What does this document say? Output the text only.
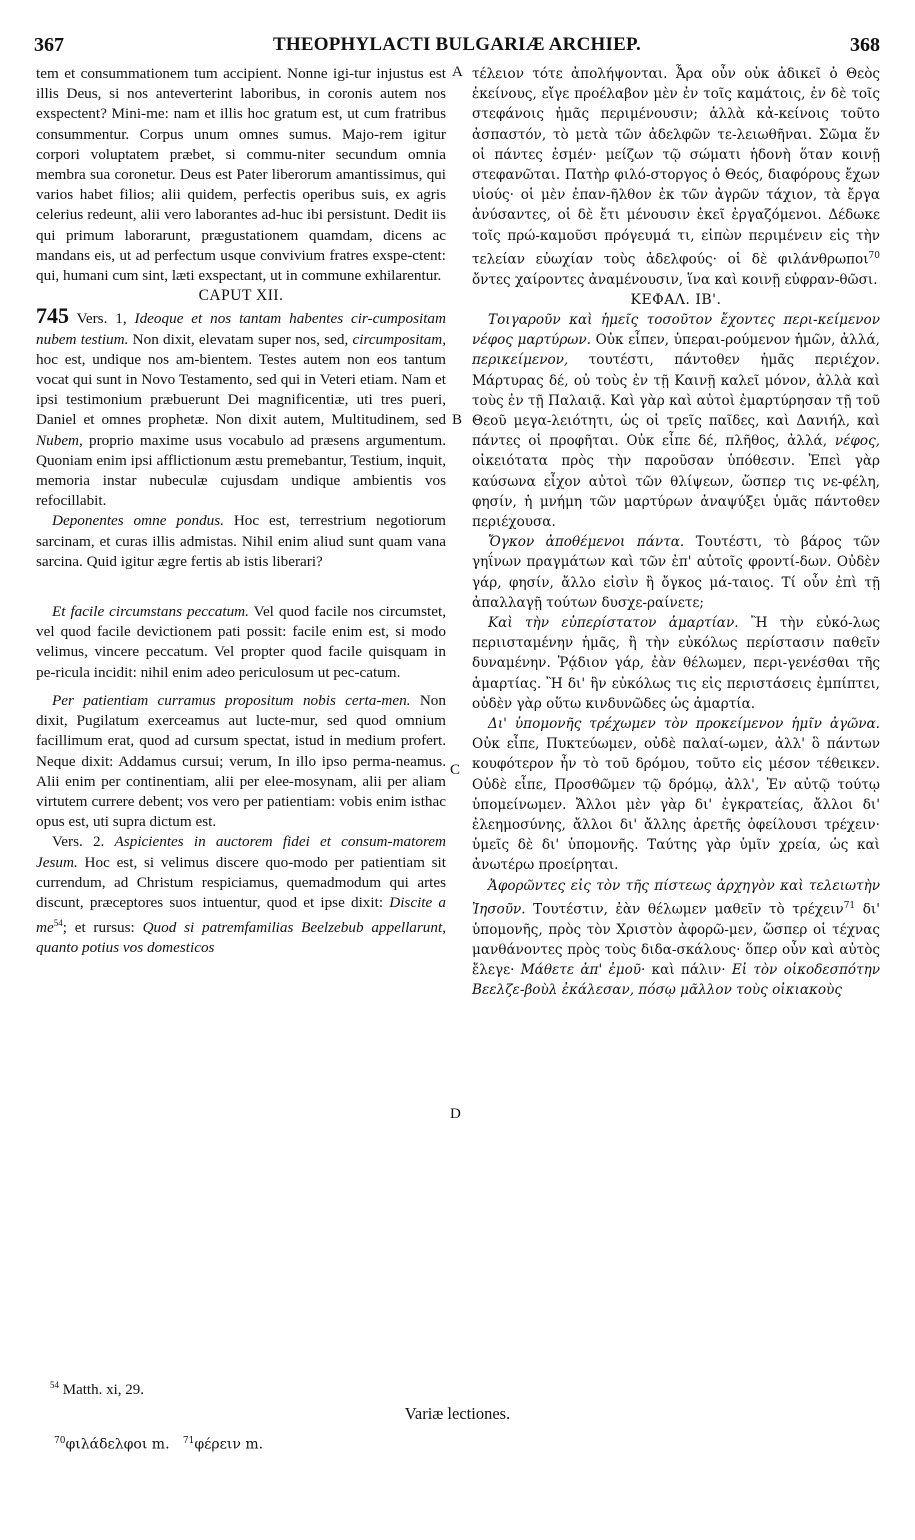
367	THEOPHYLACTI BULGARIÆ ARCHIEP.	368
A
B
C
D

tem et consummationem tum accipient. Nonne igi-tur injustus est illis Deus, si nos anteverterint laboribus, in coronis autem nos exspectent? Mini-me: nam et illis hoc gratum est, ut cum fratribus consummentur. Corpus unum omnes sumus. Majo-rem igitur corpori voluptatem præbet, si commu-niter secundum omnia membra sua coronetur. Deus est Pater liberorum amantissimus, qui varios habet filios; alii quidem, perfectis operibus suis, ex agris celerius redeunt, alii vero laborantes ad-huc ibi persistunt. Dedit iis qui primum laborarunt, prægustationem quamdam, dicens ac mandans eis, ut ad perfectum usque convivium fratres exspe-ctent: qui, humani cum sint, læti exspectant, ut in commune exhilarentur.

CAPUT XII.

745 Vers. 1, Ideoque et nos tantam habentes cir-cumpositam nubem testium. Non dixit, elevatam super nos, sed, circumpositam, hoc est, undique nos am-bientem. Testes autem non eos tantum vocat qui sunt in Novo Testamento, sed qui in Veteri etiam. Nam et ipsi testimonium præbuerunt Dei magnificentiæ, uti tres pueri, Daniel et omnes prophetæ. Non dixit autem, Multitudinem, sed Nubem, proprio maxime usus vocabulo ad præsens argumentum. Quoniam enim ipsi afflictionum æstu premebantur, Testium, inquit, memoria instar nubeculæ cujusdam undique ambientis vos refocillabit.

Deponentes omne pondus. Hoc est, terrestrium negotiorum sarcinam, et curas illis admistas. Nihil enim aliud sunt quam vana sarcina. Quid igitur ægre fertis ab istis liberari?

Et facile circumstans peccatum. Vel quod facile nos circumstet, vel quod facile devictionem pati possit: facile enim est, si modo velimus, vincere peccatum. Vel propter quod facile quisquam in pe-ricula incidit: nihil enim adeo periculosum ut pec-catum.

Per patientiam curramus propositum nobis certa-men. Non dixit, Pugilatum exerceamus aut lucte-mur, sed quod omnium facillimum erat, quod ad cursum spectat, istud in medium profert. Neque dixit: Addamus cursui; verum, In illo ipso perma-neamus. Alii enim per continentiam, alii per elee-mosynam, alii per aliam virtutem currere debent; vos vero per patientiam: vobis enim isthac opus est, uti supra dictum est.

Vers. 2. Aspicientes in auctorem fidei et consum-matorem Jesum. Hoc est, si velimus discere quo-modo per patientiam sit currendum, ad Christum respiciamus, quemadmodum qui artes discunt, præceptores suos intuentur, quod et ipse dixit: Discite a $me^{54}$; et rursus: Quod si patremfamilias Beelzebub appellarunt, quanto potius vos domesticos

τέλειον τότε ἀπολήψονται. Ἆρα οὖν οὐκ ἀδικεῖ ὁ Θεὸς ἐκείνους, εἴγε προέλαβον μὲν ἐν τοῖς καμάτοις, ἐν δὲ τοῖς στεφάνοις ἡμᾶς περιμένουσιν; ἀλλὰ κἀ-κείνοις τοῦτο ἀσπαστόν, τὸ μετὰ τῶν ἀδελφῶν τε-λειωθῆναι. Σῶμα ἕν οἱ πάντες ἐσμέν· μείζων τῷ σώματι ἡδονὴ ὅταν κοινῇ στεφανῶται. Πατὴρ φιλό-στοργος ὁ Θεός, διαφόρους ἔχων υἱούς· οἱ μὲν ἐπαν-ῆλθον ἐκ τῶν ἀγρῶν τάχιον, τὰ ἔργα ἀνύσαντες, οἱ δὲ ἔτι μένουσιν ἐκεῖ ἐργαζόμενοι. Δέδωκε τοῖς πρώ-καμοῦσι πρόγευμά τι, εἰπὼν περιμένειν εἰς τὴν τελείαν εὐωχίαν τοὺς ἀδελφούς· οἱ δὲ φιλάνθρωποι$^{70}$ ὄντες χαίροντες ἀναμένουσιν, ἵνα καὶ κοινῇ εὐφραν-θῶσι.

ΚΕΦΑΛ. ΙΒ'.

Τοιγαροῦν καὶ ἡμεῖς τοσοῦτον ἔχοντες περι-κείμενον νέφος μαρτύρων. Οὐκ εἶπεν, ὑπεραι-ρούμενον ἡμῶν, ἀλλά, περικείμενον, τουτέστι, πάντοθεν ἡμᾶς περιέχον. Μάρτυρας δέ, οὐ τοὺς ἐν τῇ Καινῇ καλεῖ μόνον, ἀλλὰ καὶ τοὺς ἐν τῇ Παλαιᾷ. Καὶ γὰρ καὶ αὐτοὶ ἐμαρτύρησαν τῇ τοῦ Θεοῦ μεγα-λειότητι, ὡς οἱ τρεῖς παῖδες, καὶ Δανιήλ, καὶ πάντες οἱ προφῆται. Οὐκ εἶπε δέ, πλῆθος, ἀλλά, νέφος, οἰκειότατα πρὸς τὴν παροῦσαν ὑπόθεσιν. Ἐπεὶ γὰρ καύσωνα εἶχον αὐτοὶ τῶν θλίψεων, ὥσπερ τις νε-φέλη, φησίν, ἡ μνήμη τῶν μαρτύρων ἀναψύξει ὑμᾶς πάντοθεν περιέχουσα.

Ὄγκον ἀποθέμενοι πάντα. Τουτέστι, τὸ βάρος τῶν γηΐνων πραγμάτων καὶ τῶν ἐπ' αὐτοῖς φροντί-δων. Οὐδὲν γάρ, φησίν, ἄλλο εἰσὶν ἢ ὄγκος μά-ταιος. Τί οὖν ἐπὶ τῇ ἀπαλλαγῇ τούτων δυσχε-ραίνετε;

Καὶ τὴν εὐπερίστατον ἁμαρτίαν. Ἢ τὴν εὐκό-λως περιισταμένην ἡμᾶς, ἢ τὴν εὐκόλως περίστασιν παθεῖν δυναμένην. Ῥᾴδιον γάρ, ἐὰν θέλωμεν, περι-γενέσθαι τῆς ἁμαρτίας. Ἢ δι' ἣν εὐκόλως τις εἰς περιστάσεις ἐμπίπτει, οὐδὲν γὰρ οὕτω κινδυνῶδες ὡς ἁμαρτία.

Δι' ὑπομονῆς τρέχωμεν τὸν προκείμενον ἡμῖν ἀγῶνα. Οὐκ εἶπε, Πυκτεύωμεν, οὐδὲ παλαί-ωμεν, ἀλλ' ὃ πάντων κουφότερον ἦν τὸ τοῦ δρόμου, τοῦτο εἰς μέσον τέθεικεν. Οὐδὲ εἶπε, Προσθῶμεν τῷ δρόμῳ, ἀλλ', Ἐν αὐτῷ τούτῳ ὑπομείνωμεν. Ἄλλοι μὲν γὰρ δι' ἐγκρατείας, ἄλλοι δι' ἐλεημοσύνης, ἄλλοι δι' ἄλλης ἀρετῆς ὀφείλουσι τρέχειν· ὑμεῖς δὲ δι' ὑπομονῆς. Ταύτης γὰρ ὑμῖν χρεία, ὡς καὶ ἀνωτέρω προείρηται.

Ἀφορῶντες εἰς τὸν τῆς πίστεως ἀρχηγὸν καὶ τελειωτὴν Ἰησοῦν. Τουτέστιν, ἐὰν θέλωμεν μαθεῖν τὸ τρέχειν$^{71}$ δι' ὑπομονῆς, πρὸς τὸν Χριστὸν ἀφορῶ-μεν, ὥσπερ οἱ τέχνας μανθάνοντες πρὸς τοὺς διδα-σκάλους· ὅπερ οὖν καὶ αὐτὸς ἔλεγε· Μάθετε ἀπ' ἐμοῦ· καὶ πάλιν· Εἰ τὸν οἰκοδεσπότην Βεελζε-βοὺλ ἐκάλεσαν, πόσῳ μᾶλλον τοὺς οἰκιακοὺς

$^{54}$ Matth. xi, 29.
Variæ lectiones.
$^{70}$φιλάδελφοι m. $^{71}$φέρειν m.
